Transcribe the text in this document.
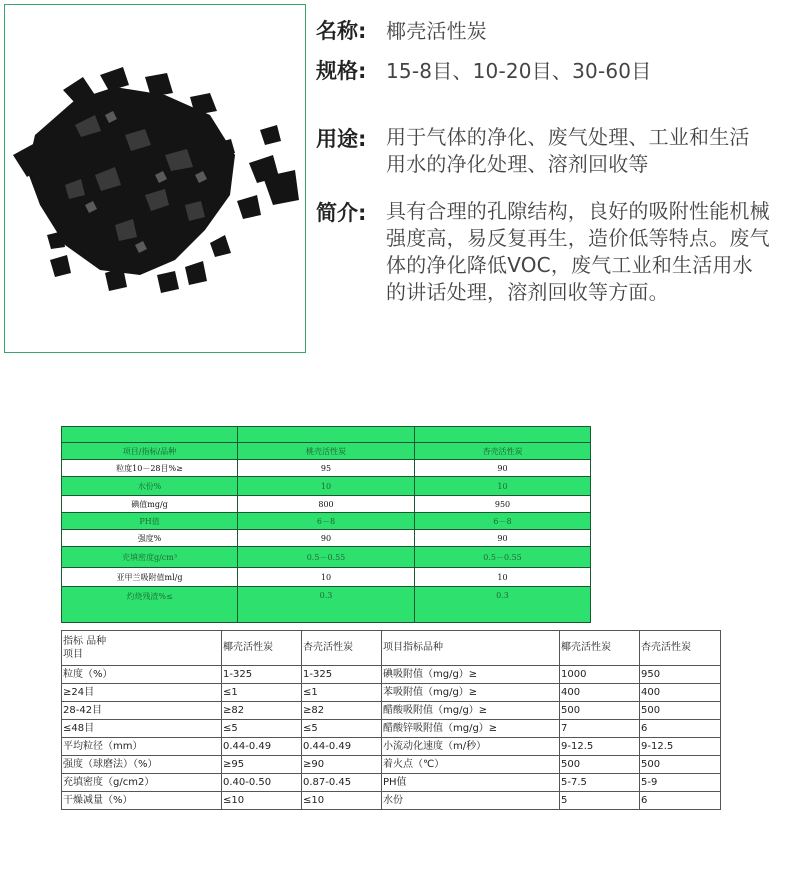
名称: 椰壳活性炭
规格: 15-8目、10-20目、30-60目
用途: 用于气体的净化、废气处理、工业和生活用水的净化处理、溶剂回收等
简介: 具有合理的孔隙结构，良好的吸附性能机械强度高，易反复再生，造价低等特点。废气体的净化降低VOC，废气工业和生活用水的讲话处理，溶剂回收等方面。

项目/指标/品种	桃壳活性炭	杏壳活性炭
粒度10－28目%≥	95	90
水份%	10	10
碘值mg/g	800	950
PH值	6－8	6－8
强度%	90	90
充填密度g/cm³	0.5－0.55	0.5－0.55
亚甲兰吸附值ml/g	10	10
灼烧残渣%≤	0.3	0.3
指标 品种
项目	椰壳活性炭	杏壳活性炭	项目指标品种	椰壳活性炭	杏壳活性炭
粒度（%）	1-325	1-325	碘吸附值（mg/g）≥	1000	950
≥24目	≤1	≤1	苯吸附值（mg/g）≥	400	400
28-42目	≥82	≥82	醋酸吸附值（mg/g）≥	500	500
≤48目	≤5	≤5	醋酸锌吸附值（mg/g）≥	7	6
平均粒径（mm）	0.44-0.49	0.44-0.49	小流动化速度（m/秒）	9-12.5	9-12.5
强度（球磨法）（%）	≥95	≥90	着火点（℃）	500	500
充填密度（g/cm2）	0.40-0.50	0.87-0.45	PH值	5-7.5	5-9
干燥减量（%）	≤10	≤10	水份	5	6
